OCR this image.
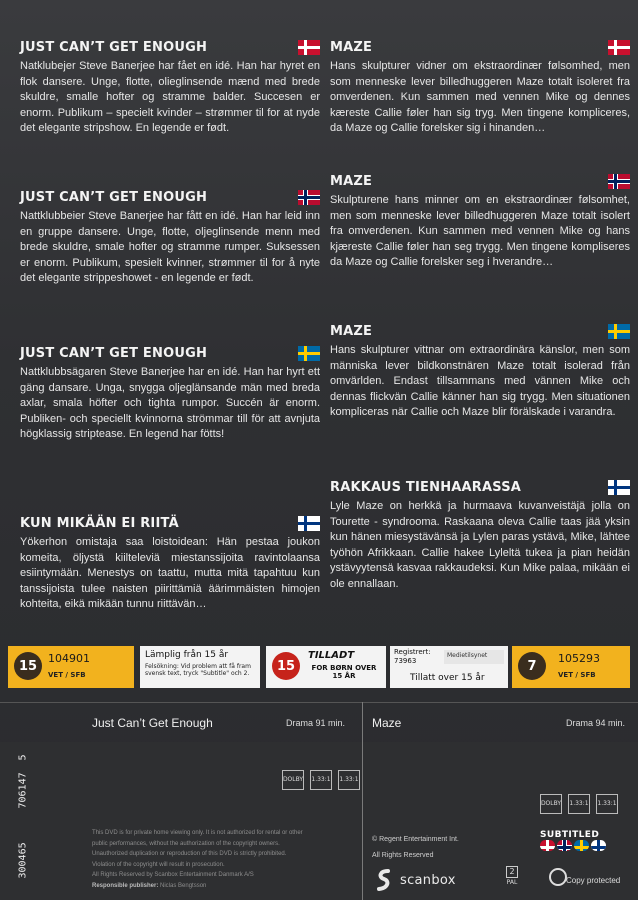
JUST CAN’T GET ENOUGH

Natklubejer Steve Banerjee har fået en idé. Han har hyret en flok dansere. Unge, flotte, olieglinsende mænd med brede skuldre, smalle hofter og stramme balder. Succesen er enorm. Publikum – specielt kvinder – strømmer til for at nyde det elegante stripshow. En legende er født.

JUST CAN’T GET ENOUGH

Nattklubbeier Steve Banerjee har fått en idé. Han har leid inn en gruppe dansere. Unge, flotte, oljeglinsende menn med brede skuldre, smale hofter og stramme rumper. Suksessen er enorm. Publikum, spesielt kvinner, strømmer til for å nyte det elegante strippeshowet - en legende er født.

JUST CAN’T GET ENOUGH

Nattklubbsägaren Steve Banerjee har en idé. Han har hyrt ett gäng dansare. Unga, snygga oljeglänsande män med breda axlar, smala höfter och tighta rumpor. Succén är enorm. Publiken- och speciellt kvinnorna strömmar till för att avnjuta högklassig striptease. En legend har fötts!

KUN MIKÄÄN EI RIITÄ

Yökerhon omistaja saa loistoidean: Hän pestaa joukon komeita, öljystä kiilteleviä miestanssijoita ravintolaansa esiintymään. Menestys on taattu, mutta mitä tapahtuu kun tanssijoista tulee naisten piirittämiä äärimmäisten himojen kohteita, eikä mikään tunnu riittävän…

MAZE

Hans skulpturer vidner om ekstraordinær følsomhed, men som menneske lever billedhuggeren Maze totalt isoleret fra omverdenen. Kun sammen med vennen Mike og dennes kæreste Callie føler han sig tryg. Men tingene kompliceres, da Maze og Callie forelsker sig i hinanden…

MAZE

Skulpturene hans minner om en ekstraordinær følsomhet, men som menneske lever billedhuggeren Maze totalt isolert fra omverdenen. Kun sammen med vennen Mike og hans kjæreste Callie føler han seg trygg. Men tingene kompliseres da Maze og Callie forelsker seg i hverandre…

MAZE

Hans skulpturer vittnar om extraordinära känslor, men som människa lever bildkonstnären Maze totalt isolerad från omvärlden. Endast tillsammans med vännen Mike och dennas flickvän Callie känner han sig trygg. Men situationen kompliceras när Callie och Maze blir förälskade i varandra.

RAKKAUS TIENHAARASSA

Lyle Maze on herkkä ja hurmaava kuvanveistäjä jolla on Tourette - syndrooma. Raskaana oleva Callie taas jää yksin kun hänen miesystävänsä ja Lylen paras ystävä, Mike, lähtee työhön Afrikkaan. Callie hakee Lyleltä tukea ja pian heidän ystävyytensä kasvaa rakkaudeksi. Kun Mike palaa, mikään ei ole ennallaan.

15 104901
VET / SFB
Lämplig från 15 år
Felsökning: Vid problem att få fram svensk text, tryck "Subtitle" och 2.	15
TILLADT
FOR BØRN OVER 15 ÅR
Registrert:
73963
Medietilsynet
Tillatt over 15 år
7	105293
VET / SFB
Just Can’t Get Enough	Drama 91 min. Maze	Drama 94 min.
5
706147
300465
DOLBY 1.33:1 1.33:1
DOLBY 1.33:1 1.33:1
This DVD is for private home viewing only. It is not authorized for rental or other
public performances, without the authorization of the copyright owners.
Unauthorized duplication or reproduction of this DVD is strictly prohibited.
Violation of the copyright will result in prosecution.
All Rights Reserved by Scanbox Entertainment Danmark A/S
Responsible publisher: Niclas Bengtsson
© Regent Entertainment Int.
All Rights Reserved
scanbox
2
PAL
SUBTITLED
Copy protected
